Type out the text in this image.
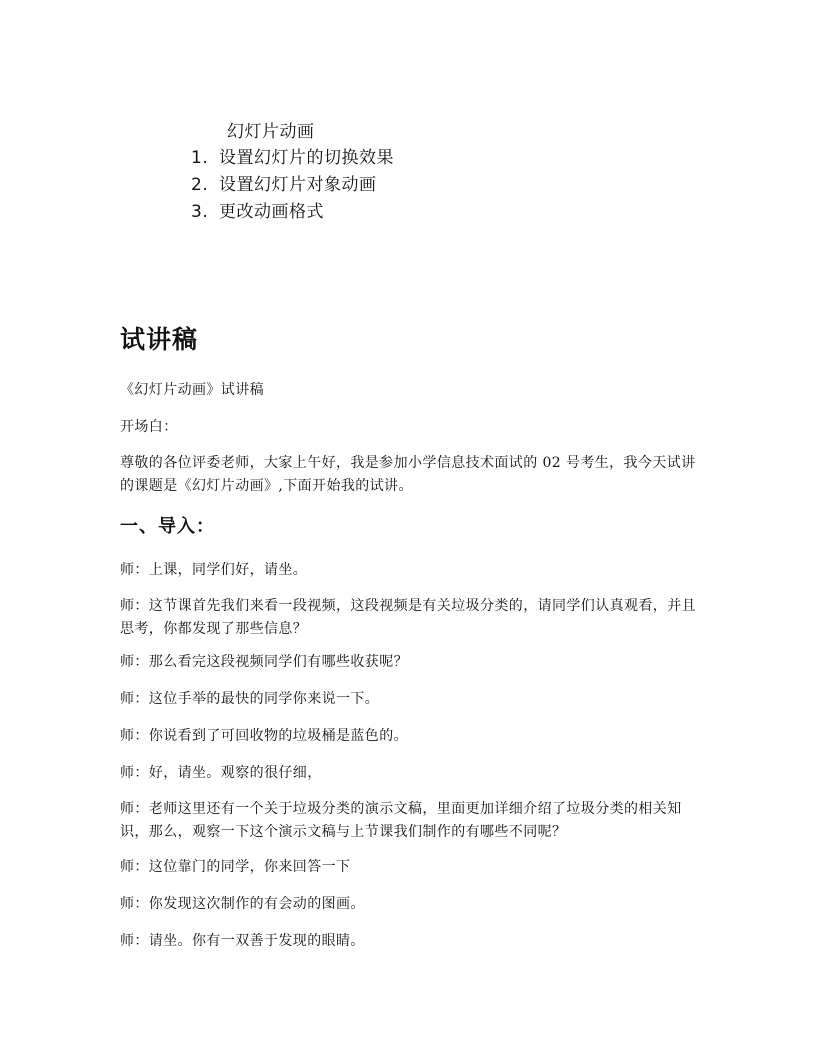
幻灯片动画
1. 设置幻灯片的切换效果
2. 设置幻灯片对象动画
3. 更改动画格式
试讲稿
《幻灯片动画》试讲稿
开场白：
尊敬的各位评委老师，大家上午好，我是参加小学信息技术面试的 02 号考生，我今天试讲的课题是《幻灯片动画》,下面开始我的试讲。
一、导入：
师：上课，同学们好，请坐。
师：这节课首先我们来看一段视频，这段视频是有关垃圾分类的，请同学们认真观看，并且思考，你都发现了那些信息？
师：那么看完这段视频同学们有哪些收获呢？
师：这位手举的最快的同学你来说一下。
师：你说看到了可回收物的垃圾桶是蓝色的。
师：好，请坐。观察的很仔细，
师：老师这里还有一个关于垃圾分类的演示文稿，里面更加详细介绍了垃圾分类的相关知识，那么，观察一下这个演示文稿与上节课我们制作的有哪些不同呢？
师：这位靠门的同学，你来回答一下
师：你发现这次制作的有会动的图画。
师：请坐。你有一双善于发现的眼睛。
